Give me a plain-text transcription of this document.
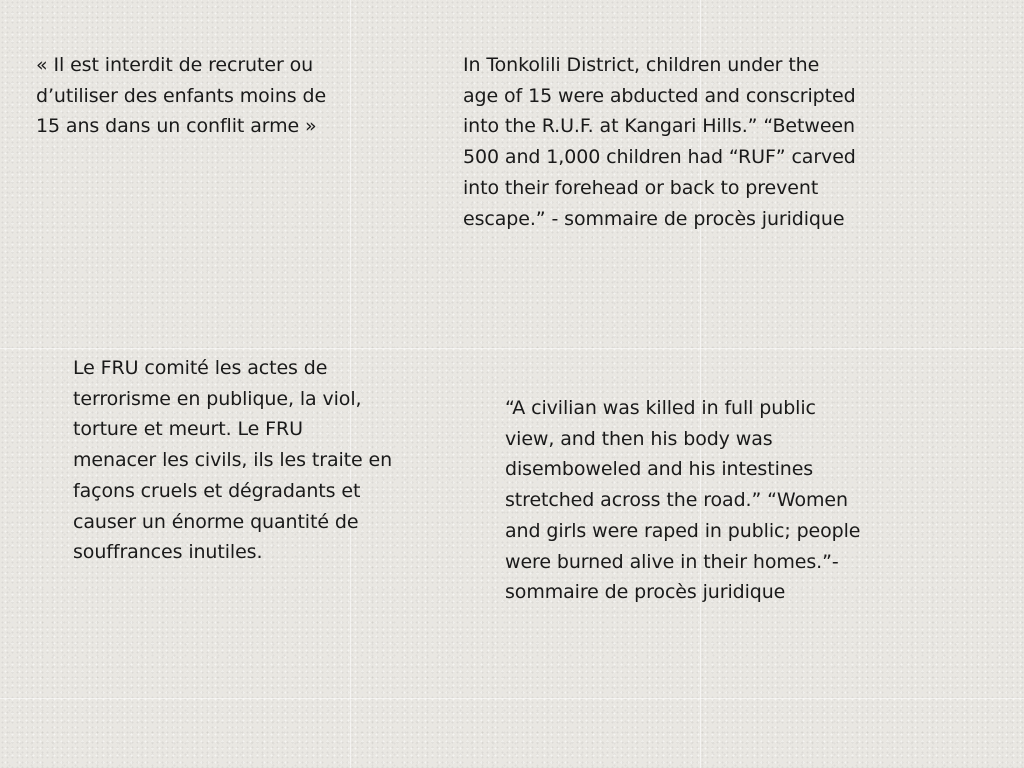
« Il est interdit de recruter ou
d’utiliser des enfants moins de
15 ans dans un conflit arme »
In Tonkolili District, children under the
age of 15 were abducted and conscripted
into the R.U.F. at Kangari Hills.” “Between
500 and 1,000 children had “RUF” carved
into their forehead or back to prevent
escape.” - sommaire de procès juridique
Le FRU comité les actes de
terrorisme en publique, la viol,
torture et meurt. Le FRU
menacer les civils, ils les traite en
façons cruels et dégradants et
causer un énorme quantité de
souffrances inutiles.
“A civilian was killed in full public
view, and then his body was
disemboweled and his intestines
stretched across the road.” “Women
and girls were raped in public; people
were burned alive in their homes.”-
sommaire de procès juridique
